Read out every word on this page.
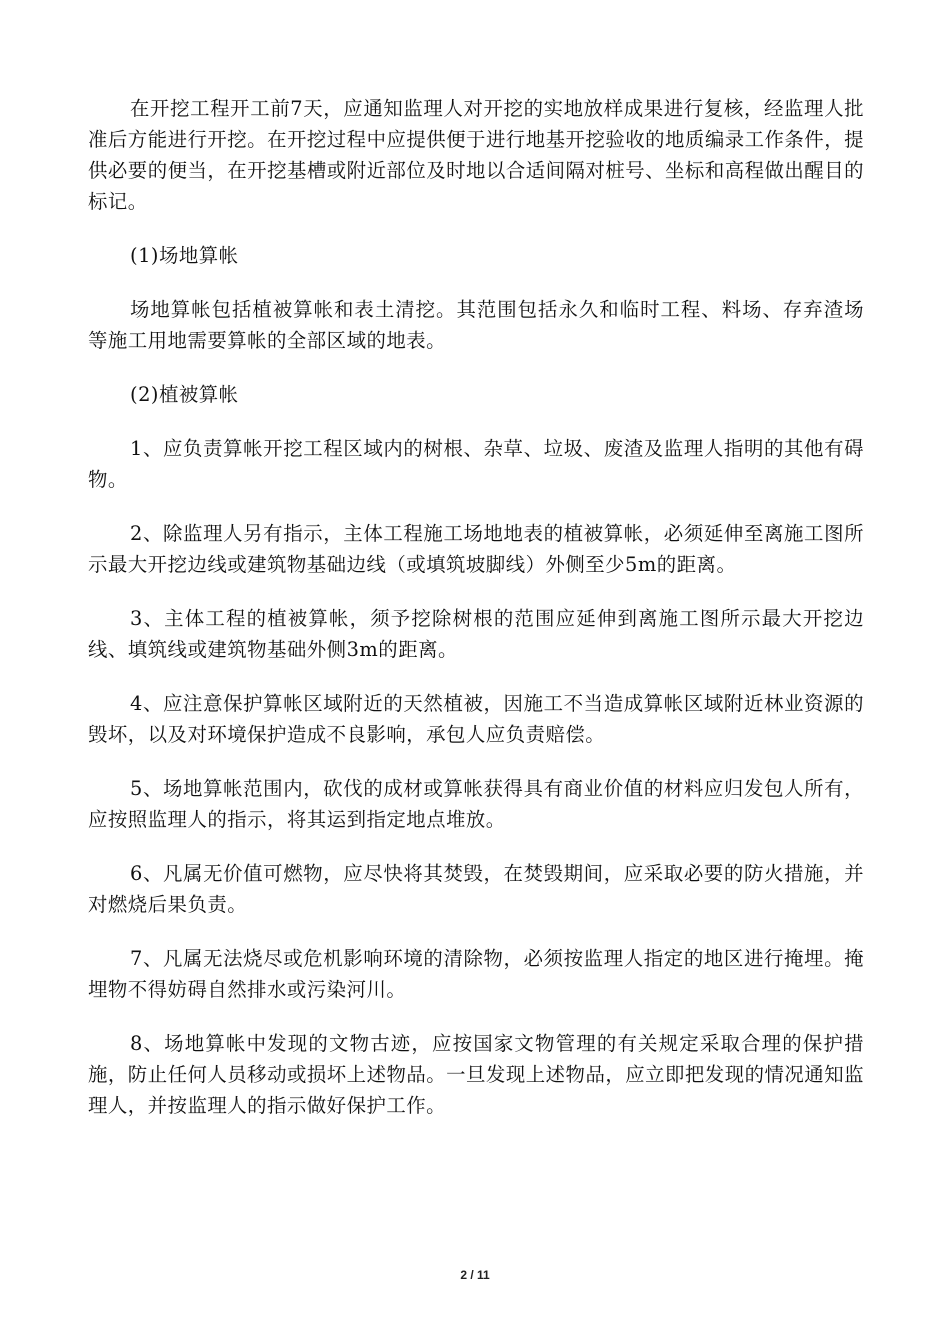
在开挖工程开工前7天，应通知监理人对开挖的实地放样成果进行复核，经监理人批准后方能进行开挖。在开挖过程中应提供便于进行地基开挖验收的地质编录工作条件，提供必要的便当，在开挖基槽或附近部位及时地以合适间隔对桩号、坐标和高程做出醒目的标记。

(1)场地算帐

场地算帐包括植被算帐和表土清挖。其范围包括永久和临时工程、料场、存弃渣场等施工用地需要算帐的全部区域的地表。

(2)植被算帐

1、应负责算帐开挖工程区域内的树根、杂草、垃圾、废渣及监理人指明的其他有碍物。

2、除监理人另有指示，主体工程施工场地地表的植被算帐，必须延伸至离施工图所示最大开挖边线或建筑物基础边线（或填筑坡脚线）外侧至少5m的距离。

3、主体工程的植被算帐，须予挖除树根的范围应延伸到离施工图所示最大开挖边线、填筑线或建筑物基础外侧3m的距离。

4、应注意保护算帐区域附近的天然植被，因施工不当造成算帐区域附近林业资源的毁坏，以及对环境保护造成不良影响，承包人应负责赔偿。

5、场地算帐范围内，砍伐的成材或算帐获得具有商业价值的材料应归发包人所有，应按照监理人的指示，将其运到指定地点堆放。

6、凡属无价值可燃物，应尽快将其焚毁，在焚毁期间，应采取必要的防火措施，并对燃烧后果负责。

7、凡属无法烧尽或危机影响环境的清除物，必须按监理人指定的地区进行掩埋。掩埋物不得妨碍自然排水或污染河川。

8、场地算帐中发现的文物古迹，应按国家文物管理的有关规定采取合理的保护措施，防止任何人员移动或损坏上述物品。一旦发现上述物品，应立即把发现的情况通知监理人，并按监理人的指示做好保护工作。

2 / 11
